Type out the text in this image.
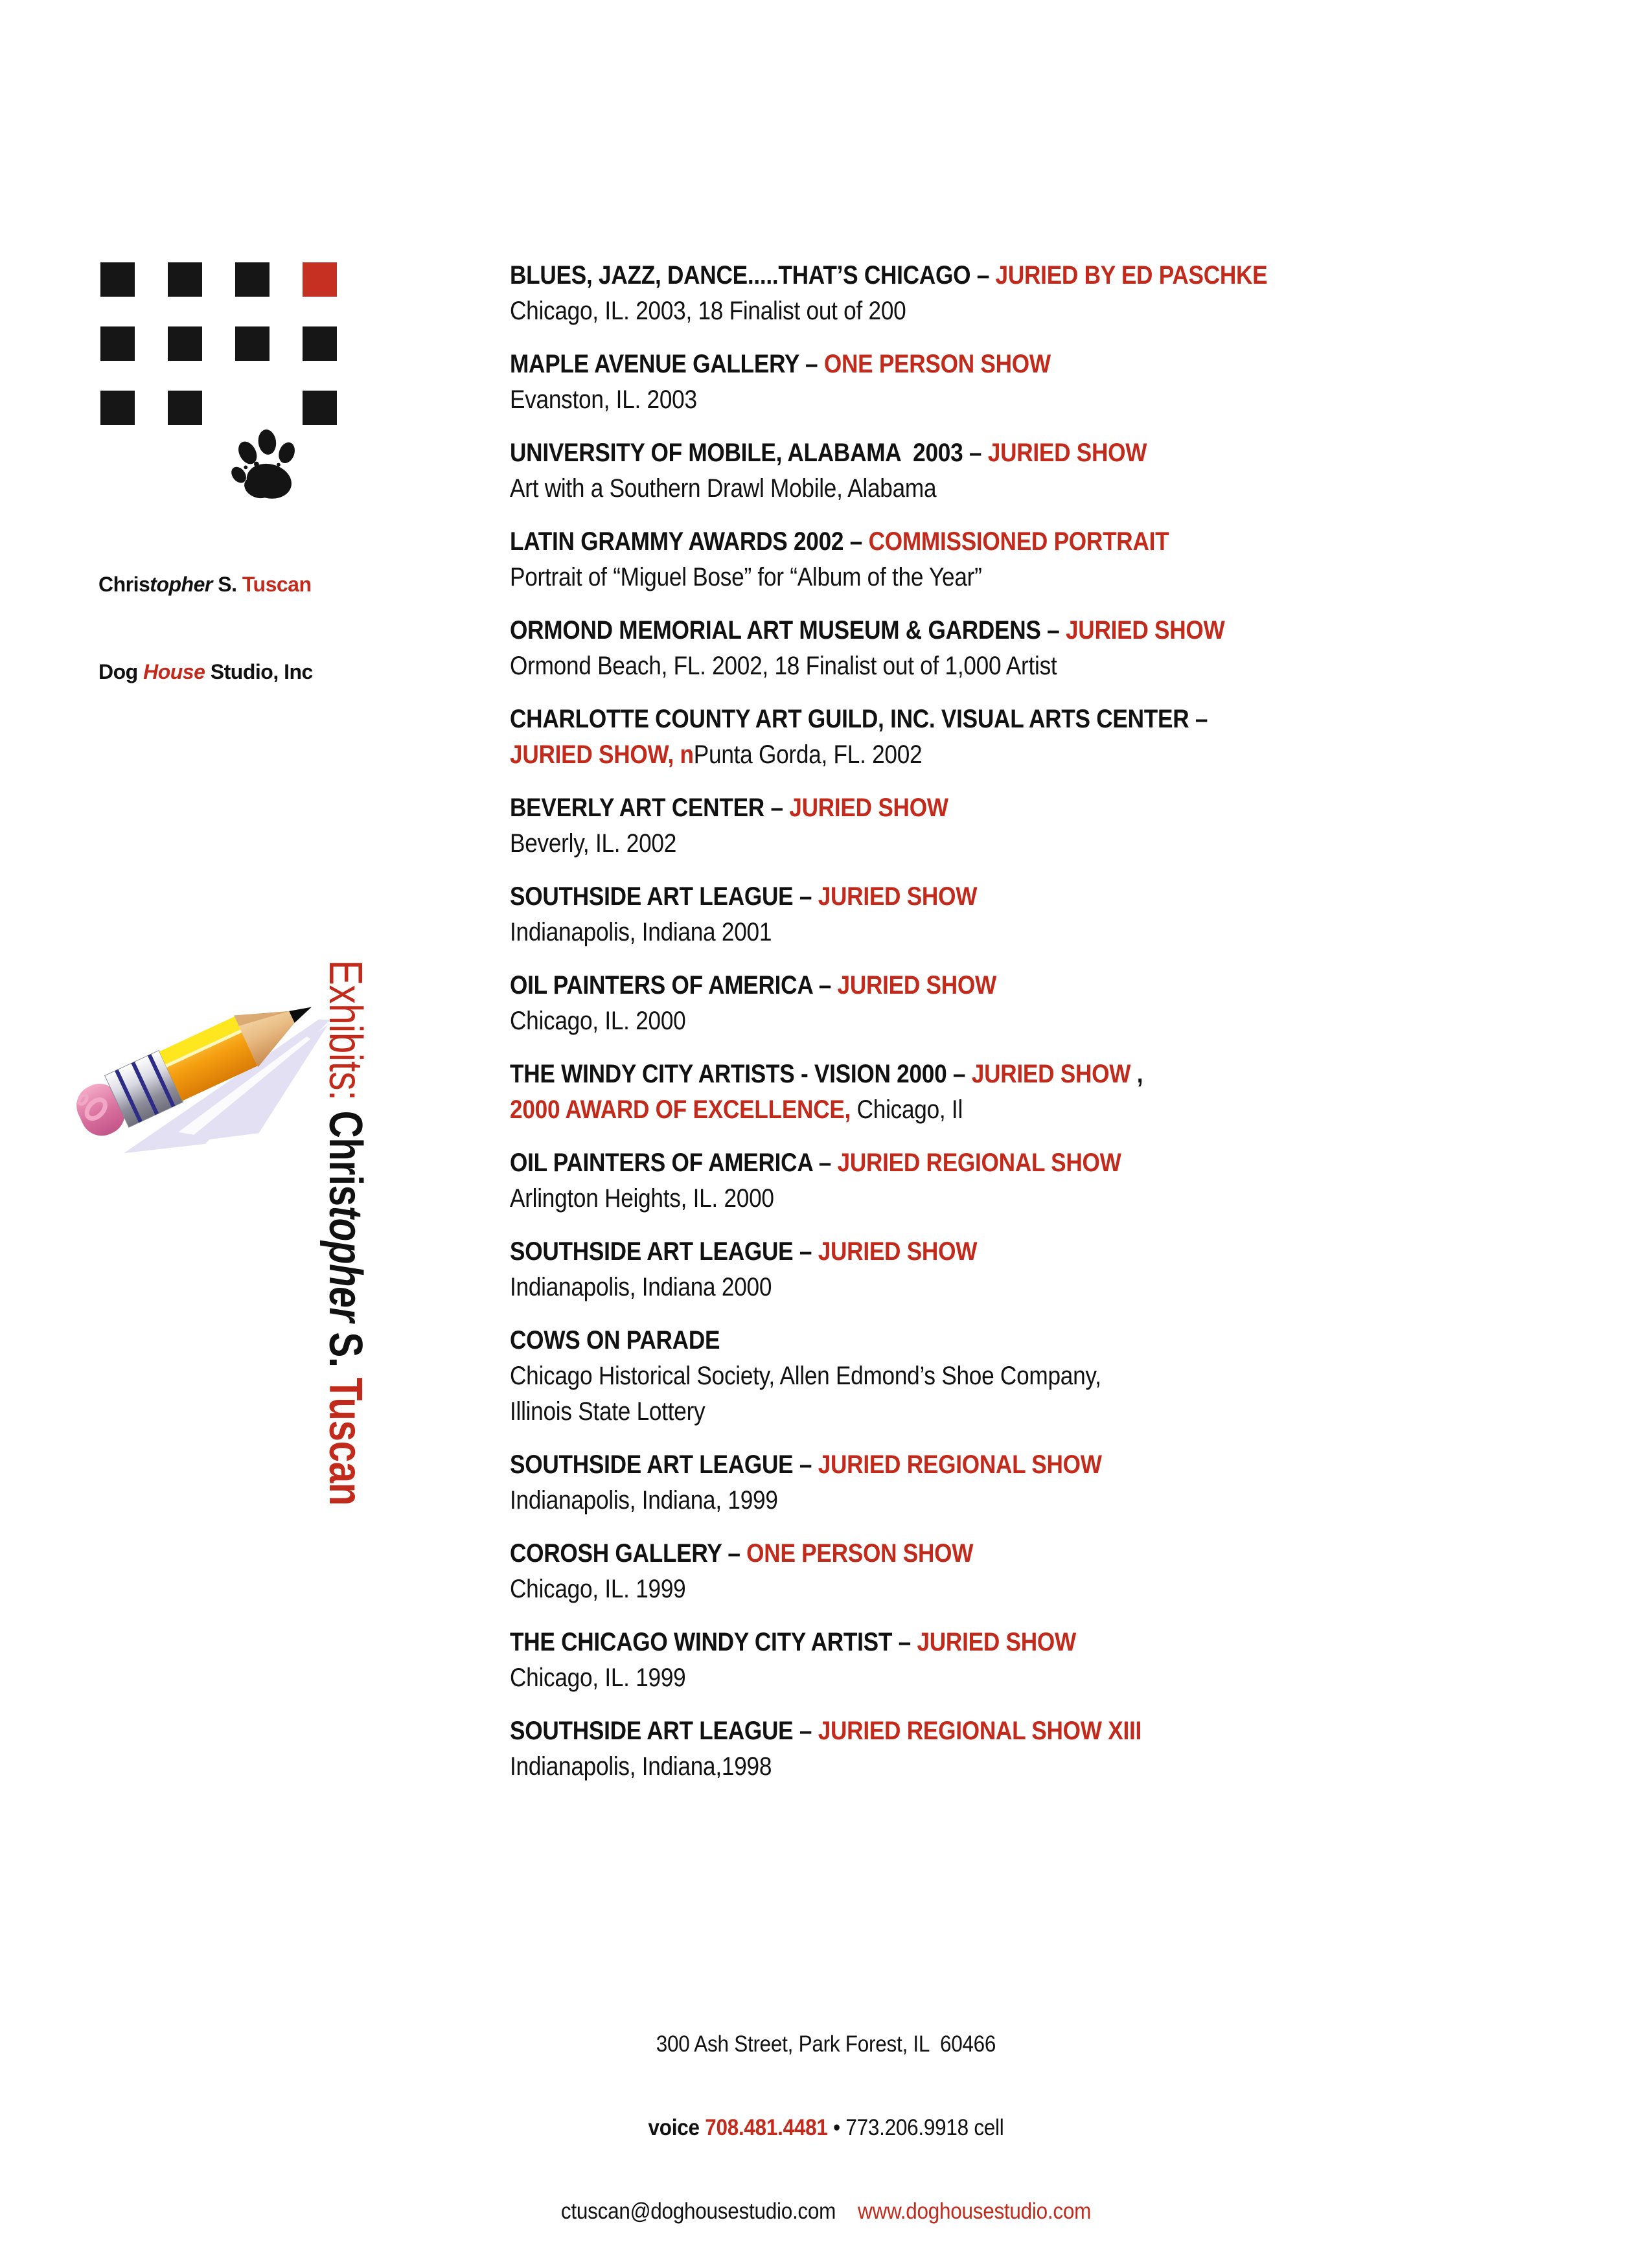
Christopher S. Tuscan

Dog House Studio, Inc

Exhibits: Christopher S. Tuscan
BLUES, JAZZ, DANCE.....THAT’S CHICAGO – JURIED BY ED PASCHKE
Chicago, IL. 2003, 18 Finalist out of 200
MAPLE AVENUE GALLERY – ONE PERSON SHOW
Evanston, IL. 2003
UNIVERSITY OF MOBILE, ALABAMA  2003 – JURIED SHOW
Art with a Southern Drawl Mobile, Alabama
LATIN GRAMMY AWARDS 2002 – COMMISSIONED PORTRAIT
Portrait of “Miguel Bose” for “Album of the Year”
ORMOND MEMORIAL ART MUSEUM & GARDENS – JURIED SHOW
Ormond Beach, FL. 2002, 18 Finalist out of 1,000 Artist
CHARLOTTE COUNTY ART GUILD, INC. VISUAL ARTS CENTER –
JURIED SHOW, nPunta Gorda, FL. 2002
BEVERLY ART CENTER – JURIED SHOW
Beverly, IL. 2002
SOUTHSIDE ART LEAGUE – JURIED SHOW
Indianapolis, Indiana 2001
OIL PAINTERS OF AMERICA – JURIED SHOW
Chicago, IL. 2000
THE WINDY CITY ARTISTS - VISION 2000 – JURIED SHOW ,
2000 AWARD OF EXCELLENCE, Chicago, Il
OIL PAINTERS OF AMERICA – JURIED REGIONAL SHOW
Arlington Heights, IL. 2000
SOUTHSIDE ART LEAGUE – JURIED SHOW
Indianapolis, Indiana 2000
COWS ON PARADE
Chicago Historical Society, Allen Edmond’s Shoe Company,
Illinois State Lottery
SOUTHSIDE ART LEAGUE – JURIED REGIONAL SHOW
Indianapolis, Indiana, 1999
COROSH GALLERY – ONE PERSON SHOW
Chicago, IL. 1999
THE CHICAGO WINDY CITY ARTIST – JURIED SHOW
Chicago, IL. 1999
SOUTHSIDE ART LEAGUE – JURIED REGIONAL SHOW XIII
Indianapolis, Indiana,1998

300 Ash Street, Park Forest, IL  60466

voice 708.481.4481 • 773.206.9918 cell

ctuscan@doghousestudio.com    www.doghousestudio.com
